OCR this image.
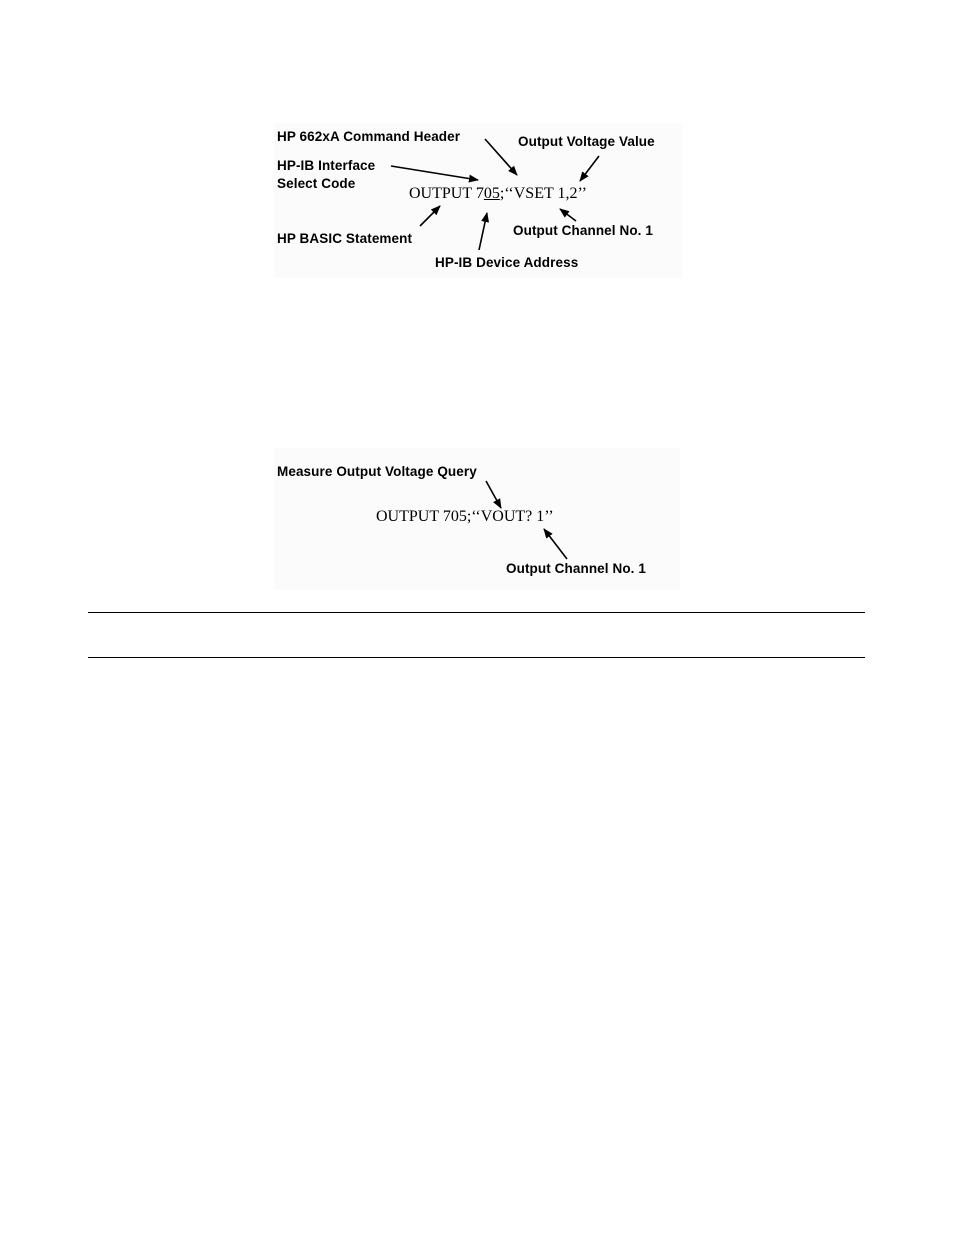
HP 662xA Command Header	Output Voltage Value
HP-IB Interface
Select Code
OUTPUT 705;‘‘VSET 1,2’’
HP BASIC Statement
Output Channel No. 1
HP-IB Device Address
Measure Output Voltage Query
OUTPUT 705;‘‘VOUT? 1’’
Output Channel No. 1
